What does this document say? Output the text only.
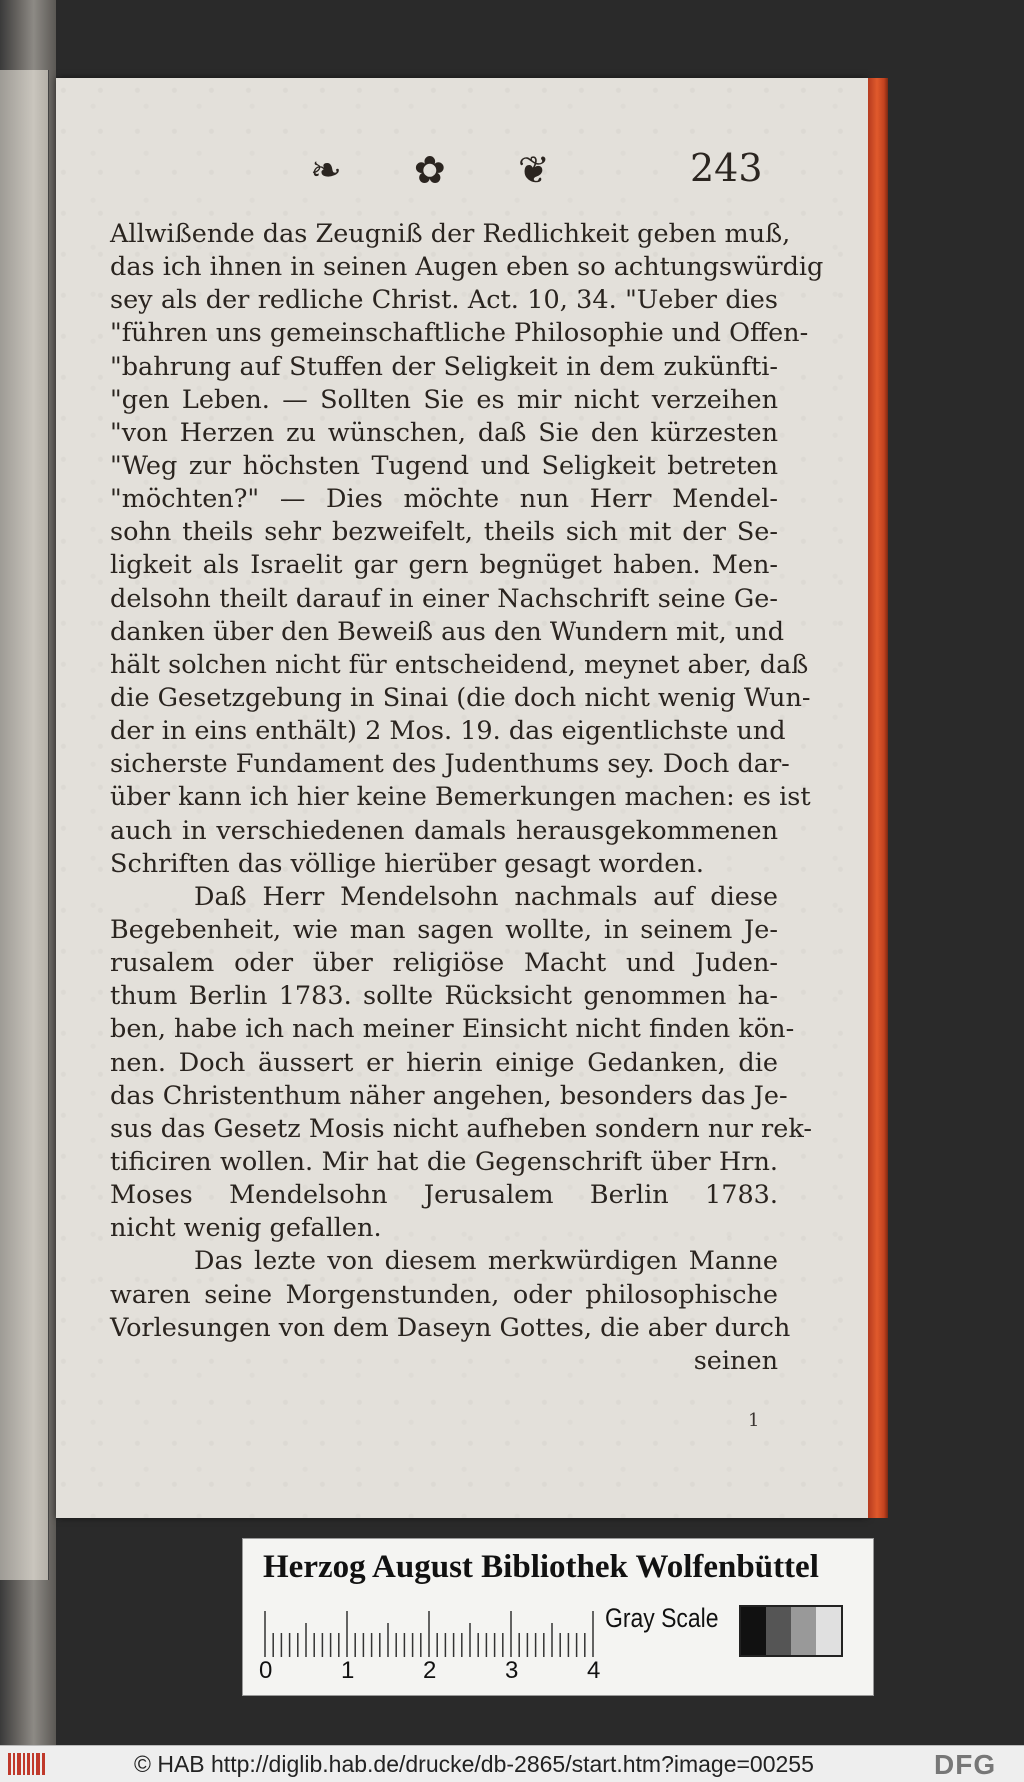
❧ ✿ ❦	243
Allwißende das Zeugniß der Redlichkeit geben muß,
das ich ihnen in seinen Augen eben so achtungswürdig
sey als der redliche Christ. Act. 10, 34. "Ueber dies
"führen uns gemeinschaftliche Philosophie und Offen-
"bahrung auf Stuffen der Seligkeit in dem zukünfti-
"gen Leben. — Sollten Sie es mir nicht verzeihen
"von Herzen zu wünschen, daß Sie den kürzesten
"Weg zur höchsten Tugend und Seligkeit betreten
"möchten?" — Dies möchte nun Herr Mendel-
sohn theils sehr bezweifelt, theils sich mit der Se-
ligkeit als Israelit gar gern begnüget haben. Men-
delsohn theilt darauf in einer Nachschrift seine Ge-
danken über den Beweiß aus den Wundern mit, und
hält solchen nicht für entscheidend, meynet aber, daß
die Gesetzgebung in Sinai (die doch nicht wenig Wun-
der in eins enthält) 2 Mos. 19. das eigentlichste und
sicherste Fundament des Judenthums sey. Doch dar-
über kann ich hier keine Bemerkungen machen: es ist
auch in verschiedenen damals herausgekommenen
Schriften das völlige hierüber gesagt worden.
Daß Herr Mendelsohn nachmals auf diese
Begebenheit, wie man sagen wollte, in seinem Je-
rusalem oder über religiöse Macht und Juden-
thum Berlin 1783. sollte Rücksicht genommen ha-
ben, habe ich nach meiner Einsicht nicht finden kön-
nen. Doch äussert er hierin einige Gedanken, die
das Christenthum näher angehen, besonders das Je-
sus das Gesetz Mosis nicht aufheben sondern nur rek-
tificiren wollen. Mir hat die Gegenschrift über Hrn.
Moses Mendelsohn Jerusalem Berlin 1783.
nicht wenig gefallen.
Das lezte von diesem merkwürdigen Manne
waren seine Morgenstunden, oder philosophische
Vorlesungen von dem Daseyn Gottes, die aber durch
seinen
1
Herzog August Bibliothek Wolfenbüttel
0	1	2	3	4
Gray Scale
© HAB http://diglib.hab.de/drucke/db-2865/start.htm?image=00255	DFG
